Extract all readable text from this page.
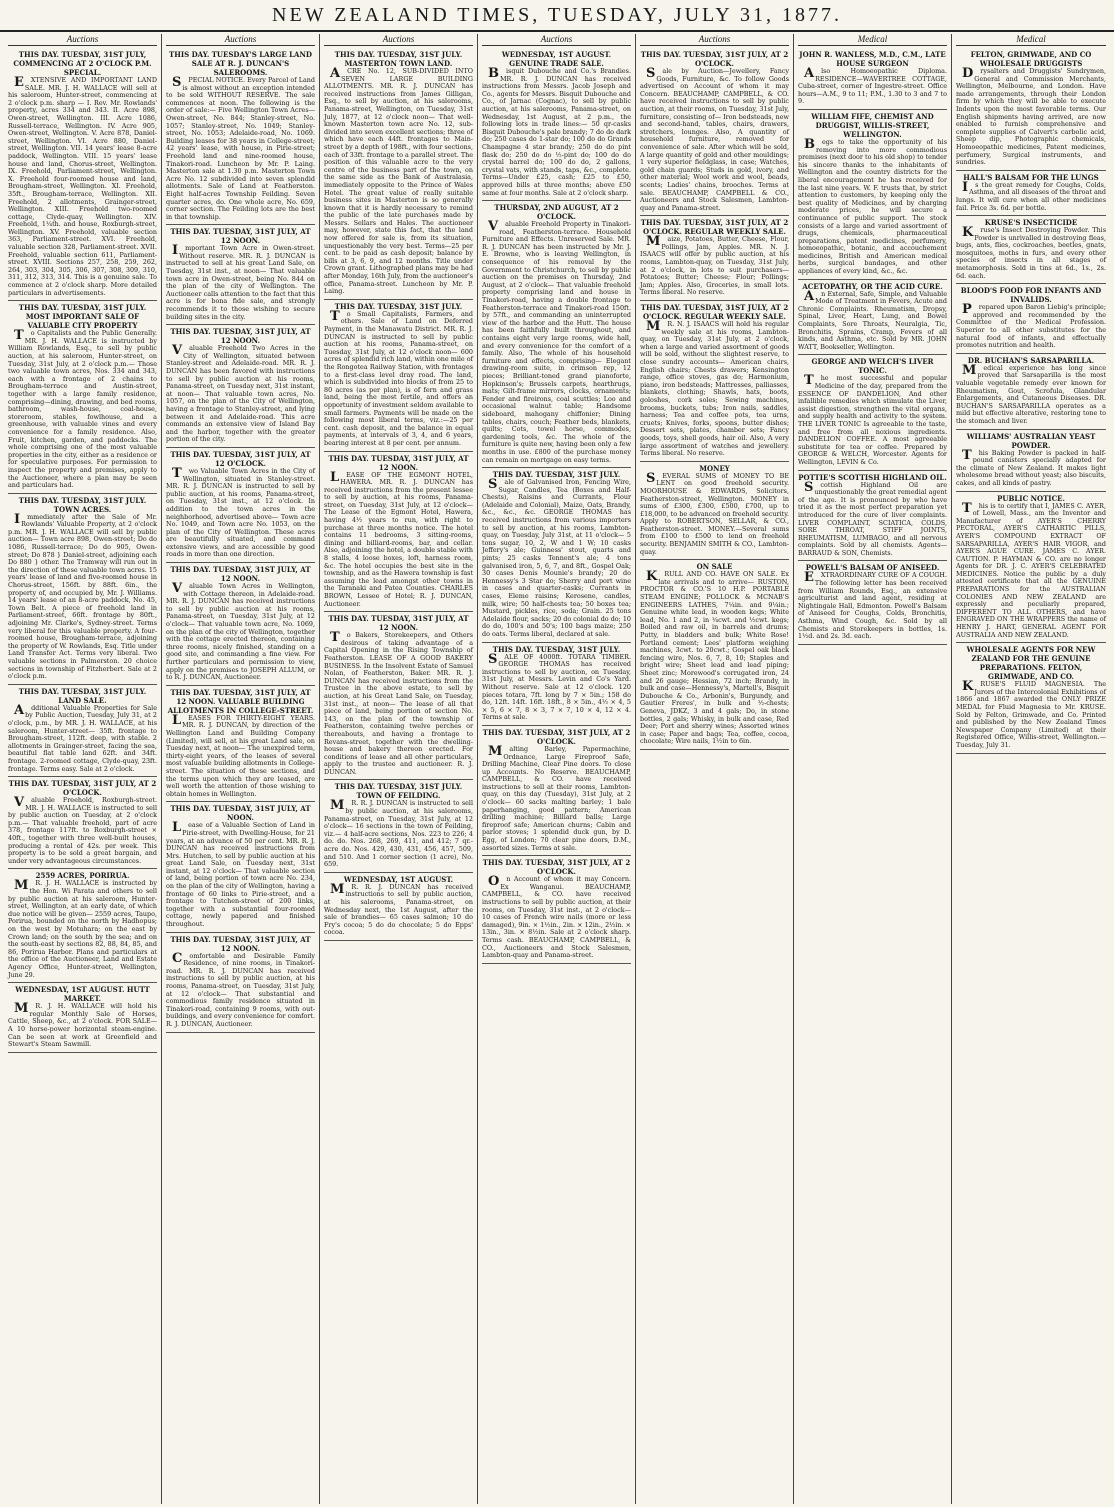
NEW ZEALAND TIMES, TUESDAY, JULY 31, 1877.
Auctions
THIS DAY. TUESDAY, 31ST JULY, COMMENCING AT 2 O'CLOCK P.M. SPECIAL.

EXTENSIVE AND IMPORTANT LAND SALE. MR. J. H. WALLACE will sell at his saleroom, Hunter-street, commencing at 2 o'clock p.m. sharp — I. Rev. Mr. Rowlands' property, acres 334 and 343. II. Acre 898, Owen-street, Wellington. III. Acre 1086, Russell-terrace, Wellington. IV. Acre 905, Owen-street, Wellington. V. Acre 878, Daniel-street, Wellington. VI. Acre 880, Daniel-street, Wellington. VII. 14 years' lease 8-acre paddock, Wellington. VIII. 15 years' lease house and land, Chorus-street, Wellington. IX. Freehold, Parliament-street, Wellington. X. Freehold four-roomed house and land, Brougham-street, Wellington. XI. Freehold, 35ft., Brougham-terrace, Wellington. XII. Freehold, 2 allotments, Grainger-street, Wellington. XIII. Freehold two-roomed cottage, Clyde-quay, Wellington. XIV. Freehold, 1¼th. and house, Roxburgh-street, Wellington. XV. Freehold, valuable section 363, Parliament-street. XVI. Freehold, valuable section 328, Parliament-street. XVII. Freehold, valuable section 611, Parliament-street. XVIII. Sections 257, 258, 259, 262, 264, 303, 304, 305, 306, 307, 308, 309, 310, 311, 312, 313, 314. This is a genuine sale. To commence at 2 o'clock sharp. More detailed particulars in advertisements.

THIS DAY. TUESDAY, 31ST JULY. MOST IMPORTANT SALE OF VALUABLE CITY PROPERTY

To Capitalists and the Public Generally. MR. J. H. WALLACE is instructed by William Rowlands, Esq., to sell by public auction, at his saleroom, Hunter-street, on Tuesday, 31st July, at 2 o'clock p.m.— Those two valuable town acres, Nos. 334 and 343, each with a frontage of 2 chains to Brougham-terrace and Austin-street, together with a large family residence, comprising—dining, drawing, and bed rooms, bathroom, wash-house, coal-house, storeroom, stables, fowlhouse, and a greenhouse, with valuable vines and every convenience for a family residence. Also, Fruit, kitchen, garden, and paddocks. The whole comprising one of the most valuable properties in the city, either as a residence or for speculative purposes. For permission to inspect the property and premises, apply to the Auctioneer, where a plan may be seen and particulars had.

THIS DAY. TUESDAY, 31ST JULY. TOWN ACRES.

Immediately after the Sale of Mr. Rowlands' Valuable Property, at 2 o'clock p.m. MR. J. H. WALLACE will sell by public auction— Town acre 898, Owen-street; Do do 1086, Russell-terrace; Do do 905, Owen-street; Do 878 } Daniel-street, adjoining each Do 880 } other. The Tramway will run out in the direction of these valuable town acres. 15 years' lease of land and five-roomed house in Chorus-street, 156ft. by 88ft. 6in., the property of, and occupied by, Mr. J. Williams. 14 years' lease of an 8-acre paddock, No. 45, Town Belt. A piece of freehold land in Parliament-street, 66ft. frontage by 80ft., adjoining Mr. Clarke's, Sydney-street. Terms very liberal for this valuable property. A four-roomed house, Brougham-terrace, adjoining the property of W. Rowlands, Esq. Title under Land Transfer Act. Terms very liberal. Two valuable sections in Palmerston. 20 choice sections in township of Fitzherbert. Sale at 2 o'clock p.m.

THIS DAY. TUESDAY, 31ST JULY. LAND SALE.

Additional Valuable Properties for Sale by Public Auction, Tuesday, July 31, at 2 o'clock, p.m., by MR. J. H. WALLACE, at his saleroom, Hunter-street— 35ft. frontage to Brougham-street, 112ft. deep, with stable. 2 allotments in Grainger-street, facing the sea, beautiful flat table land 62ft. and 34ft. frontage. 2-roomed cottage, Clyde-quay, 23ft. frontage. Terms easy. Sale at 2 o'clock.

THIS DAY. TUESDAY, 31ST JULY, AT 2 O'CLOCK.

Valuable Freehold, Roxburgh-street. MR. J. H. WALLACE is instructed to sell by public auction on Tuesday, at 2 o'clock p.m.— That valuable freehold, part of acre 378, frontage 117ft. to Roxburgh-street × 40ft., together with three well-built houses, producing a rental of 42s. per week. This property is to be sold a great bargain, and under very advantageous circumstances.

2559 ACRES, PORIRUA.

MR. J. H. WALLACE is instructed by the Hon. Wi Parata and others to sell by public auction at his saleroom, Hunter-street, Wellington, at an early date, of which due notice will be given— 2559 acres, Taupo, Porirua, bounded on the north by Hadhopus; on the west by Motuhara; on the east by Crown land; on the south by the sea; and on the south-east by sections 82, 88, 84, 85, and 86, Porirua Harbor. Plans and particulars at the office of the Auctioneer, Land and Estate Agency Office, Hunter-street, Wellington, June 29.

WEDNESDAY, 1ST AUGUST. HUTT MARKET.

MR. J. H. WALLACE will hold his regular Monthly Sale of Horses, Cattle, Sheep, &c., at 2 o'clock. FOR SALE—A 10 horse-power horizontal steam-engine. Can be seen at work at Greenfield and Stewart's Steam Sawmill.

Auctions
THIS DAY. TUESDAY'S LARGE LAND SALE AT R. J. DUNCAN'S SALEROOMS.

SPECIAL NOTICE. Every Parcel of Land is almost without an exception intended to be sold WITHOUT RESERVE. The sale commences at noon. The following is the order of sale:— Five Wellington Town Acres— Owen-street, No. 844; Stanley-street, No. 1057; Stanley-street, No. 1049; Stanley-street, No. 1053; Adelaide-road, No. 1069. Building leases for 38 years in College-street; 42 years' lease, with house, in Pirie-street; Freehold land and nine-roomed house, Tinakori-road. Luncheon by Mr. P. Laing. Masterton sale at 1.30 p.m. Masterton Town Acre No. 12 subdivided into seven splendid allotments. Sale of Land at Featherston. Eight half-acres Township Feilding. Seven quarter acres, do. One whole acre, No. 659, corner section. The Feilding lots are the best in that township.

THIS DAY. TUESDAY, 31ST JULY, AT 12 NOON.

Important Town Acre in Owen-street. Without reserve. MR. R. J. DUNCAN is instructed to sell at his great Land Sale, on Tuesday, 31st inst., at noon— That valuable town acre in Owen-street, being No. 844 on the plan of the city of Wellington. The Auctioneer calls attention to the fact that this acre is for bona fide sale, and strongly recommends it to those wishing to secure building sites in the city.

THIS DAY. TUESDAY, 31ST JULY, AT 12 NOON.

Valuable Freehold Two Acres in the City of Wellington, situated between Stanley-street and Adelaide-road. MR. R. J. DUNCAN has been favored with instructions to sell by public auction at his rooms, Panama-street, on Tuesday next, 31st instant, at noon— That valuable town acres, No. 1057, on the plan of the City of Wellington, having a frontage to Stanley-street, and lying between it and Adelaide-road. This acre commands an extensive view of Island Bay and the harbor, together with the greater portion of the city.

THIS DAY. TUESDAY, 31ST JULY, AT 12 O'CLOCK.

Two Valuable Town Acres in the City of Wellington, situated in Stanley-street. MR. R. J. DUNCAN is instructed to sell by public auction, at his rooms, Panama-street, on Tuesday, 31st inst., at 12 o'clock. In addition to the town acres in the neighborhood, advertised above— Town acre No. 1049, and Town acre No. 1053, on the plan of the City of Wellington. These acres are beautifully situated, and command extensive views, and are accessible by good roads in more than one direction.

THIS DAY. TUESDAY, 31ST JULY, AT 12 NOON.

Valuable Town Acres in Wellington, with Cottage thereon, in Adelaide-road. MR. R. J. DUNCAN has received instructions to sell by public auction at his rooms, Panama-street, on Tuesday, 31st July, at 12 o'clock— That valuable town acre, No. 1069, on the plan of the city of Wellington, together with the cottage erected thereon, containing three rooms, nicely finished, standing on a good site, and commanding a fine view. For further particulars and permission to view, apply on the premises to JOSEPH ALLUM, or to R. J. DUNCAN, Auctioneer.

THIS DAY. TUESDAY, 31ST JULY, AT 12 NOON. VALUABLE BUILDING ALLOTMENTS IN COLLEGE-STREET.

LEASES FOR THIRTY-EIGHT YEARS. MR. R. J. DUNCAN, by direction of the Wellington Land and Building Company (Limited), will sell, at his great Land sale, on Tuesday next, at noon— The unexpired term, thirty-eight years, of the leases of several most valuable building allotments in College-street. The situation of these sections, and the terms upon which they are leased, are well worth the attention of those wishing to obtain homes in Wellington.

THIS DAY. TUESDAY, 31ST JULY, AT NOON.

Lease of a Valuable Section of Land in Pirie-street, with Dwelling-House, for 21 years, at an advance of 50 per cent. MR. R. J. DUNCAN has received instructions from Mrs. Hutchen, to sell by public auction at his great Land Sale, on Tuesday next, 31st instant, at 12 o'clock— That valuable section of land, being portion of town acre No. 234, on the plan of the city of Wellington, having a frontage of 60 links to Pirie-street, and a frontage to Tutchen-street of 200 links, together with a substantial four-roomed cottage, newly papered and finished throughout.

THIS DAY. TUESDAY, 31ST JULY, AT 12 NOON.

Comfortable and Desirable Family Residence, of nine rooms, in Tinakori-road. MR. R. J. DUNCAN has received instructions to sell by public auction, at his rooms, Panama-street, on Tuesday, 31st July, at 12 o'clock— That substantial and commodious family residence situated in Tinakori-road, containing 9 rooms, with out-buildings, and every convenience for comfort. R. J. DUNCAN, Auctioneer.

Auctions
THIS DAY. TUESDAY, 31ST JULY. MASTERTON TOWN LAND.

ACRE No. 12, SUB-DIVIDED INTO SEVEN LARGE BUILDING ALLOTMENTS. MR. R. J. DUNCAN has received instructions from James Gilligan, Esq., to sell by auction, at his salerooms, Panama-street, Wellington, on Tuesday, 31st July, 1877, at 12 o'clock noon— That well-known Masterton town acre No. 12, sub-divided into seven excellent sections; three of which have each 44ft. frontages to Main-street by a depth of 198ft., with four sections, each of 33ft. frontage to a parallel street. The position of this valuable acre to the very centre of the business part of the town, on the same side as the Bank of Australasia, immediately opposite to the Prince of Wales Hotel. The great value of really suitable business sites in Masterton is so generally known that it is hardly necessary to remind the public of the late purchases made by Messrs. Sellars and Hales. The auctioneer may, however, state this fact, that the land now offered for sale is, from its situation, unquestionably the very best. Terms—25 per cent. to be paid as cash deposit; balance by bills at 3, 6, 9, and 12 months. Title under Crown grant. Lithographed plans may be had after Monday, 16th July, from the auctioneer's office, Panama-street. Luncheon by Mr. P. Laing.

THIS DAY. TUESDAY, 31ST JULY.

To Small Capitalists, Farmers, and others. Sale of Land on Deferred Payment, in the Manawatu District. MR. R. J. DUNCAN is instructed to sell by public auction at his rooms, Panama-street, on Tuesday, 31st July, at 12 o'clock noon— 600 acres of splendid rich land, within one mile of the Rongotea Railway Station, with frontages to a first-class level dray road. The land, which is subdivided into blocks of from 25 to 80 acres (as per plan), is of fern and grass land, being the most fertile, and offers an opportunity of investment seldom available to small farmers. Payments will be made on the following most liberal terms, viz.:—25 per cent. cash deposit, and the balance in equal payments, at intervals of 3, 4, and 6 years, bearing interest at 8 per cent. per annum.

THIS DAY. TUESDAY, 31ST JULY, AT 12 NOON.

LEASE OF THE EGMONT HOTEL, HAWERA. MR. R. J. DUNCAN has received instructions from the present lessee to sell by auction, at his rooms, Panama-street, on Tuesday, 31st July, at 12 o'clock— The Lease of the Egmont Hotel, Hawera, having 4½ years to run, with right to purchase at three months notice. The hotel contains 11 bedrooms, 3 sitting-rooms, dining and billiard-rooms, bar, and cellar. Also, adjoining the hotel, a double stable with 8 stalls, 4 loose boxes, loft, harness room, &c. The hotel occupies the best site in the township, and as the Hawera township is fast assuming the lead amongst other towns in the Taranaki and Patea Counties. CHARLES BROWN, Lessee of Hotel; R. J. DUNCAN, Auctioneer.

THIS DAY. TUESDAY, 31ST JULY, AT 12 NOON.

To Bakers, Storekeepers, and Others desirous of taking advantage of a Capital Opening in the Rising Township of Featherston. LEASE OF A GOOD BAKERY BUSINESS. In the Insolvent Estate of Samuel Nolan, of Featherston, Baker. MR. R. J. DUNCAN has received instructions from the Trustee in the above estate, to sell by auction, at his Great Land Sale, on Tuesday, 31st inst., at noon— The lease of all that piece of land, being portion of section No. 143, on the plan of the township of Featherston, containing twelve perches or thereabouts, and having a frontage to Revans-street, together with the dwelling-house and bakery thereon erected. For conditions of lease and all other particulars, apply to the trustee and auctioneer. R. J. DUNCAN.

THIS DAY. TUESDAY, 31ST JULY. TOWN OF FEILDING.

MR. R. J. DUNCAN is instructed to sell by public auction, at his salerooms, Panama-street, on Tuesday, 31st July, at 12 o'clock— 16 sections in the town of Feilding, viz.— 4 half-acre sections, Nos. 223 to 226; 4 do. do. Nos. 268, 269, 411, and 412; 7 qr.-acre do. Nos. 429, 430, 431, 456, 457, 509, and 510. And 1 corner section (1 acre), No. 659.

WEDNESDAY, 1ST AUGUST.

MR. R. J. DUNCAN has received instructions to sell by public auction, at his salerooms, Panama-street, on Wednesday next, the 1st August, after the sale of brandies— 65 cases salmon; 10 do Fry's cocoa; 5 do do chocolate; 5 do Epps' cocoa.

Auctions
WEDNESDAY, 1ST AUGUST. GENUINE TRADE SALE.

Bisquit Dubouche and Co.'s Brandies. MR. R. J. DUNCAN has received instructions from Messrs. Jacob Joseph and Co., agents for Messrs. Bisquit Dubouche and Co., of Jarnac (Cognac), to sell by public auction, at his salerooms, Panama-street, on Wednesday, 1st August, at 2 p.m., the following lots in trade lines:— 50 qr-casks Bisquit Dubouche's pale brandy; 7 do do dark do; 250 cases do 1-star do; 100 do do Grands Champagne 4 star brandy; 250 do do pint flask do; 250 do do ½-pint do; 100 do do crystal barrel do; 100 do do, 2 gallons, crystal vats, with stands, taps, &c., complete. Terms—Under £25, cash; £25 to £50, approved bills at three months; above £50 same at four months. Sale at 2 o'clock sharp.

THURSDAY, 2ND AUGUST, AT 2 O'CLOCK.

Valuable Freehold Property in Tinakori-road, Featherston-terrace. Household Furniture and Effects. Unreserved Sale. MR. R. J. DUNCAN has been instructed by Mr. J. E. Browne, who is leaving Wellington, in consequence of his removal by the Government to Christchurch, to sell by public auction on the premises on Thursday, 2nd August, at 2 o'clock— That valuable freehold property comprising land and house in Tinakori-road, having a double frontage to Featherston-terrace and Tinakori-road 150ft. by 57ft., and commanding an uninterrupted view of the harbor and the Hutt. The house has been faithfully built throughout, and contains eight very large rooms, wide hall, and every convenience for the comfort of a family. Also, The whole of his household furniture and effects, comprising— Elegant drawing-room suite, in crimson rep, 12 pieces; Brilliant-toned grand pianoforte, Hopkinson's; Brussels carpets, hearthrugs, mats; Gilt-frame mirrors, clocks, ornaments; Fender and fireirons, coal scuttles; Loo and occasional walnut table; Handsome sideboard, mahogany chiffonier; Dining tables, chairs, couch; Feather beds, blankets, quilts; Cots, towel horse, commodes, gardening tools, &c. The whole of the furniture is quite new, having been only a few months in use. £800 of the purchase money can remain on mortgage on easy terms.

THIS DAY. TUESDAY, 31ST JULY.

Sale of Galvanised Iron, Fencing Wire, Sugar, Candles, Tea (Boxes and Half-Chests), Raisins and Currants, Flour (Adelaide and Colonial), Maize, Oats, Brandy, &c., &c., &c. GEORGE THOMAS has received instructions from various importers to sell by auction, at his rooms, Lambton-quay, on Tuesday, July 31st, at 11 o'clock— 5 tons sugar, 10, 2, W and 1 W; 10 casks Jeffery's ale; Guinness' stout, quarts and pints; 25 casks Tennent's ale; 4 tons galvanised iron, 5, 6, 7, and 8ft., Gospel Oak; 30 cases Denis Mounie's brandy; 20 do Hennessy's 3 Star do; Sherry and port wine in cases and quarter-casks; Currants in cases, Eleme raisins; Kerosene, candles, milk, wire; 50 half-chests tea; 50 boxes tea; Mustard, pickles, rice, soda; Grain. 25 tons Adelaide flour, sacks; 20 do colonial do do; 10 do do, 100's and 50's; 100 bags maize; 250 do oats. Terms liberal, declared at sale.

THIS DAY. TUESDAY, 31ST JULY.

SALE OF 4000ft. TOTARA TIMBER. GEORGE THOMAS has received instructions to sell by auction, on Tuesday, 31st July, at Messrs. Levin and Co's Yard. Without reserve. Sale at 12 o'clock. 120 pieces totara, 7ft. long by 7 × 5in.; 158 do do, 12ft. 14ft. 16ft. 18ft., 8 × 5in., 4½ × 4, 5 × 5, 6 × 7, 8 × 3, 7 × 7, 10 × 4, 12 × 4. Terms at sale.

THIS DAY. TUESDAY, 31ST JULY, AT 2 O'CLOCK.

Malting Barley, Papermachine, Ordnance, Large Fireproof Safe, Drilling Machine, Clear Pine doors. To close up Accounts. No Reserve. BEAUCHAMP, CAMPBELL, & CO. have received instructions to sell at their rooms, Lambton-quay, on this day (Tuesday), 31st July, at 2 o'clock— 60 sacks malting barley; 1 bale paperhanging, good pattern; American drilling machine; Billiard balls; Large fireproof safe; American churns; Cabin and parlor stoves; 1 splendid duck gun, by D. Egg, of London; 70 clear pine doors, D.M., assorted sizes. Terms at sale.

THIS DAY. TUESDAY, 31ST JULY, AT 2 O'CLOCK.

On Account of whom it may Concern. Ex Wanganui. BEAUCHAMP, CAMPBELL, & CO. have received instructions to sell by public auction, at their rooms, on Tuesday, 31st inst., at 2 o'clock— 10 cases of French wire nails (more or less damaged), 9in. × 1½in., 2in. × 12in., 2½in. × 13in., 3in. × 8½in. Sale at 2 o'clock sharp. Terms cash. BEAUCHAMP, CAMPBELL, & CO., Auctioneers and Stock Salesmen, Lambton-quay and Panama-street.

Auctions
THIS DAY. TUESDAY, 31ST JULY, AT 2 O'CLOCK.

Sale by Auction—Jewellery, Fancy Goods, Furniture, &c. To follow Goods advertised on Account of whom it may Concern. BEAUCHAMP, CAMPBELL, & CO. have received instructions to sell by public auction, at their rooms, on Tuesday, 31st July, furniture, consisting of— Iron bedsteads, new and second-hand, tables, chairs, drawers, stretchers, lounges. Also, A quantity of household furniture, removed for convenience of sale. After which will be sold, A large quantity of gold and other mouldings; 1 very superior fieldglass, in case; Watches, gold chain guards; Studs in gold, ivory, and other material; Wool work and wool, beads, scents; Ladies' chains, brooches. Terms at sale. BEAUCHAMP, CAMPBELL & CO., Auctioneers and Stock Salesmen, Lambton-quay and Panama-street.

THIS DAY. TUESDAY, 31ST JULY, AT 2 O'CLOCK. REGULAR WEEKLY SALE.

Maize, Potatoes, Butter, Cheese, Flour, Pollings, Jam, Apples. MR. N. J. ISAACS will offer by public auction, at his rooms, Lambton-quay, on Tuesday, 31st July, at 2 o'clock, in lots to suit purchasers— Potatoes; Butter; Cheese; Flour; Pollings; Jam; Apples. Also, Groceries, in small lots. Terms liberal. No reserve.

THIS DAY. TUESDAY, 31ST JULY, AT 2 O'CLOCK. REGULAR WEEKLY SALE.

MR. N. J. ISAACS will hold his regular weekly sale at his rooms, Lambton-quay, on Tuesday, 31st July, at 2 o'clock, when a large and varied assortment of goods will be sold, without the slightest reserve, to close sundry accounts— American chairs, English chairs; Chests drawers; Kensington range, office stoves, gas do; Harmonium, piano, iron bedsteads; Mattresses, palliasses, blankets, clothing; Shawls, hats, boots, goloshes, cork soles; Sewing machines, brooms, buckets, tubs; Iron nails, saddles, harness; Tea and coffee pots, tea urns, cruets; Knives, forks, spoons, butter dishes; Dessert sets, plates, chamber sets; Fancy goods, toys, shell goods, hair oil. Also, A very large assortment of watches and jewellery. Terms liberal. No reserve.

MONEY

SEVERAL SUMS of MONEY TO BE LENT on good freehold security. MOORHOUSE & EDWARDS, Solicitors, Featherston-street, Wellington. MONEY in sums of £300, £300, £500, £700, up to £18,000, to be advanced on freehold security. Apply to ROBERTSON, SELLAR, & CO., Featherston-street. MONEY.—Several sums from £100 to £500 to lend on freehold security. BENJAMIN SMITH & CO., Lambton-quay.

ON SALE

KRULL AND CO. HAVE ON SALE. Ex late arrivals and to arrive— RUSTON, PROCTOR & CO.'S 10 H.P. PORTABLE STEAM ENGINE; POLLOCK & MCNAB'S ENGINEERS LATHES, 7¼in. and 9¼in.; Genuine white lead, in wooden kegs; White lead, No. 1 and 2, in ¼cwt. and ½cwt. kegs; Boiled and raw oil, in barrels and drums; Putty, in bladders and bulk; White Rose! Portland cement; Lees' platform weighing machines, 3cwt. to 20cwt.; Gospel oak black fencing wire, Nos. 6, 7, 8, 10; Staples and bright wire; Sheet lead and lead piping; Sheet zinc; Morewood's corrugated iron, 24 and 26 gauge; Hessian, 72 inch; Brandy, in bulk and case—Hennessy's, Martell's, Bisquit Dubouche & Co., Arbonin's, Burgundy, and Gautier Freres', in bulk and ½-chests; Geneva, JDKZ, 3 and 4 gals; Do, in stone bottles, 2 gals; Whisky, in bulk and case, Red Deer; Port and sherry wines; Assorted wines in case; Paper and bags; Tea, coffee, cocoa, chocolate; Wire nails, 1½in to 6in.

Medical
JOHN R. WANLESS, M.D., C.M., LATE HOUSE SURGEON

Also Homoeopathic Diploma. RESIDENCE—WAVERTREE COTTAGE, Cuba-street, corner of Ingestre-street. Office hours—A.M., 9 to 11; P.M., 1.30 to 3 and 7 to 9.

WILLIAM FIFE, CHEMIST AND DRUGGIST, WILLIS-STREET, WELLINGTON.

Begs to take the opportunity of his removing into more commodious premises (next door to his old shop) to tender his sincere thanks to the inhabitants of Wellington and the country districts for the liberal encouragement he has received for the last nine years. W. F. trusts that, by strict attention to customers, by keeping only the best quality of Medicines, and by charging moderate prices, he will secure a continuance of public support. The stock consists of a large and varied assortment of drugs, chemicals, pharmaceutical preparations, patent medicines, perfumery, homoeopathic, botanic, and accouchement medicines, British and American medical herbs, surgical bandages, and other appliances of every kind, &c., &c.

ACETOPATHY, OR THE ACID CURE.

An External, Safe, Simple, and Valuable Mode of Treatment in Fevers, Acute and Chronic Complaints. Rheumatism, Dropsy, Spinal, Liver, Heart, Lung, and Bowel Complaints, Sore Throats, Neuralgia, Tic, Bronchitis, Sprains, Cramp, Fevers of all kinds, and Asthma, etc. Sold by MR. JOHN WATT, Bookseller, Wellington.

GEORGE AND WELCH'S LIVER TONIC.

The most successful and popular Medicine of the day, prepared from the ESSENCE OF DANDELION, And other infallible remedies which stimulate the Liver, assist digestion, strengthen the vital organs, and supply health and activity to the system. THE LIVER TONIC Is agreeable to the taste, and free from all noxious ingredients. DANDELION COFFEE. A most agreeable substitute for tea or coffee. Prepared by GEORGE & WELCH, Worcester. Agents for Wellington, LEVIN & Co.

POTTIE'S SCOTTISH HIGHLAND OIL.

Scottish Highland Oil are unquestionably the great remedial agent of the age. It is pronounced by who have tried it as the most perfect preparation yet introduced for the cure of liver complaints. LIVER COMPLAINT, SCIATICA, COLDS, SORE THROAT, STIFF JOINTS, RHEUMATISM, LUMBAGO, and all nervous complaints. Sold by all chemists. Agents—BARRAUD & SON, Chemists.

POWELL'S BALSAM OF ANISEED.

EXTRAORDINARY CURE OF A COUGH. The following letter has been received from William Rounds, Esq., an extensive agriculturist and land agent, residing at Nightingale Hall, Edmonton. Powell's Balsam of Aniseed for Coughs, Colds, Bronchitis, Asthma, Wind Cough, &c. Sold by all Chemists and Storekeepers in bottles, 1s. 1½d. and 2s. 3d. each.

Medical
FELTON, GRIMWADE, AND CO WHOLESALE DRUGGISTS

Drysalters and Druggists' Sundrymen, General and Commission Merchants, Wellington, Melbourne, and London. Have made arrangements, through their London firm by which they will be able to execute Indents upon the most favorable terms. Our English shipments having arrived, are now enabled to furnish comprehensive and complete supplies of Calvert's carbolic acid, Sheep dip, Photographic chemicals, Homoeopathic medicines, Patent medicines, perfumery, Surgical instruments, and sundries.

HALL'S BALSAM FOR THE LUNGS

Is the great remedy for Coughs, Colds, Asthma, and all diseases of the throat and lungs. It will cure when all other medicines fail. Price 3s. 6d. per bottle.

KRUSE'S INSECTICIDE

Kruse's Insect Destroying Powder. This Powder is unrivalled in destroying fleas, bugs, ants, flies, cockroaches, beetles, gnats, mosquitoes, moths in furs, and every other species of insects in all stages of metamorphosis. Sold in tins at 6d., 1s., 2s. 6d. each.

BLOOD'S FOOD FOR INFANTS AND INVALIDS.

Prepared upon Baron Liebig's principle; approved and recommended by the Committee of the Medical Profession. Superior to all other substitutes for the natural food of infants, and effectually promotes nutrition and health.

DR. BUCHAN'S SARSAPARILLA.

Medical experience has long since proved that Sarsaparilla is the most valuable vegetable remedy ever known for Rheumatism, Gout, Scrofula, Glandular Enlargements, and Cutaneous Diseases. DR. BUCHAN'S SARSAPARILLA operates as a mild but effective alterative, restoring tone to the stomach and liver.

WILLIAMS' AUSTRALIAN YEAST POWDER.

This Baking Powder is packed in half-pound canisters specially adapted for the climate of New Zealand. It makes light wholesome bread without yeast; also biscuits, cakes, and all kinds of pastry.

PUBLIC NOTICE.

This is to certify that I, JAMES C. AYER, of Lowell, Mass., am the Inventor and Manufacturer of AYER'S CHERRY PECTORAL, AYER'S CATHARTIC PILLS, AYER'S COMPOUND EXTRACT OF SARSAPARILLA, AYER'S HAIR VIGOR, and AYER'S AGUE CURE. JAMES C. AYER. CAUTION. P. HAYMAN & CO. are no longer Agents for DR. J. C. AYER'S CELEBRATED MEDICINES. Notice the public by a duly attested certificate that all the GENUINE PREPARATIONS for the AUSTRALIAN COLONIES AND NEW ZEALAND are expressly and peculiarly prepared, DIFFERENT TO ALL OTHERS, and have ENGRAVED ON THE WRAPPERS the name of HENRY J. HART, GENERAL AGENT FOR AUSTRALIA AND NEW ZEALAND.

WHOLESALE AGENTS FOR NEW ZEALAND FOR THE GENUINE PREPARATIONS. FELTON, GRIMWADE, AND CO.

KRUSE'S FLUID MAGNESIA. The Jurors of the Intercolonial Exhibitions of 1866 and 1867 awarded the ONLY PRIZE MEDAL for Fluid Magnesia to Mr. KRUSE. Sold by Felton, Grimwade, and Co. Printed and published by the New Zealand Times Newspaper Company (Limited) at their Registered Office, Willis-street, Wellington.—Tuesday, July 31.
